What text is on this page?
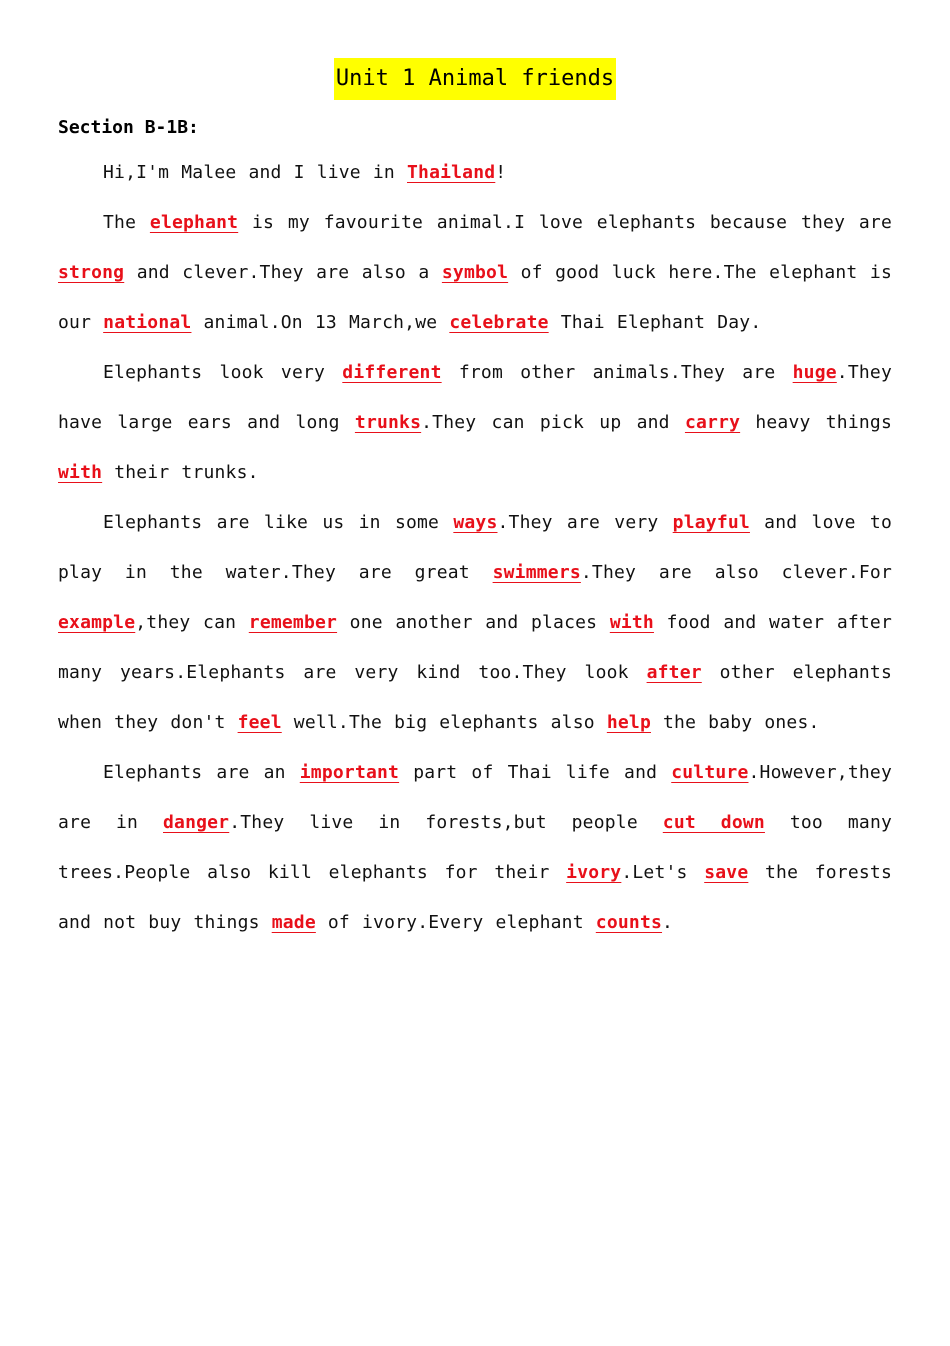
Unit 1 Animal friends
Section B-1B:

Hi,I'm Malee and I live in Thailand!

The elephant is my favourite animal.I love elephants because they are strong and clever.They are also a symbol of good luck here.The elephant is our national animal.On 13 March,we celebrate Thai Elephant Day.

Elephants look very different from other animals.They are huge.They have large ears and long trunks.They can pick up and carry heavy things with their trunks.

Elephants are like us in some ways.They are very playful and love to play in the water.They are great swimmers.They are also clever.For example,they can remember one another and places with food and water after many years.Elephants are very kind too.They look after other elephants when they don't feel well.The big elephants also help the baby ones.

Elephants are an important part of Thai life and culture.However,they are in danger.They live in forests,but people cut down too many trees.People also kill elephants for their ivory.Let's save the forests and not buy things made of ivory.Every elephant counts.
